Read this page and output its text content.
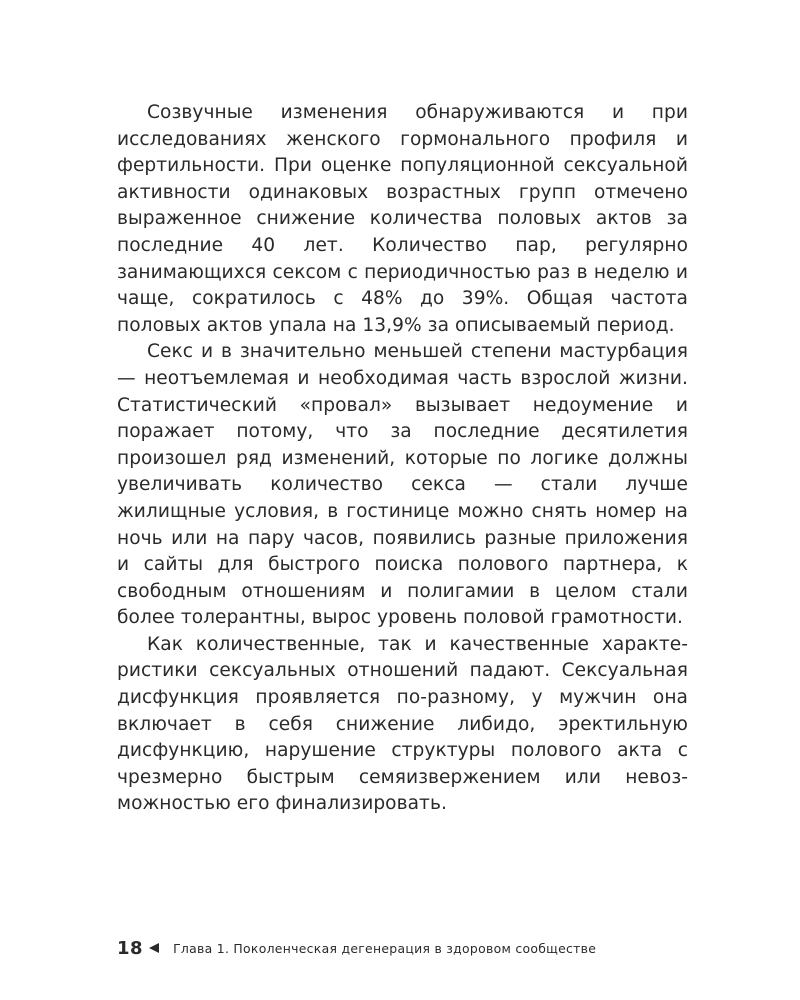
Созвучные изменения обнаруживаются и при исследованиях женского гормонального профиля и фертильности. При оценке популяционной сексуальной активности одинаковых возрастных групп отмечено выраженное снижение количества половых актов за последние 40 лет. Количество пар, регулярно занимающихся сексом с периодичностью раз в неделю и чаще, сократилось с 48% до 39%. Общая частота половых актов упала на 13,9% за описываемый период.

Секс и в значительно меньшей степени мастурбация — неотъемлемая и необходимая часть взрослой жизни. Статистический «провал» вызывает недоумение и поражает потому, что за последние десятилетия произошел ряд изменений, которые по логике должны увеличивать количество секса — стали лучше жилищные условия, в гостинице можно снять номер на ночь или на пару часов, появились разные приложения и сайты для быстрого поиска полового партнера, к свободным отношениям и полигамии в целом стали более толерантны, вырос уровень половой грамотности.

Как количественные, так и качественные характеристики сексуальных отношений падают. Сексуальная дисфункция проявляется по-разному, у мужчин она включает в себя снижение либидо, эректильную дисфункцию, нарушение структуры полового акта с чрезмерно быстрым семяизвержением или невозможностью его финализировать.

18 Глава 1. Поколенческая дегенерация в здоровом сообществе
